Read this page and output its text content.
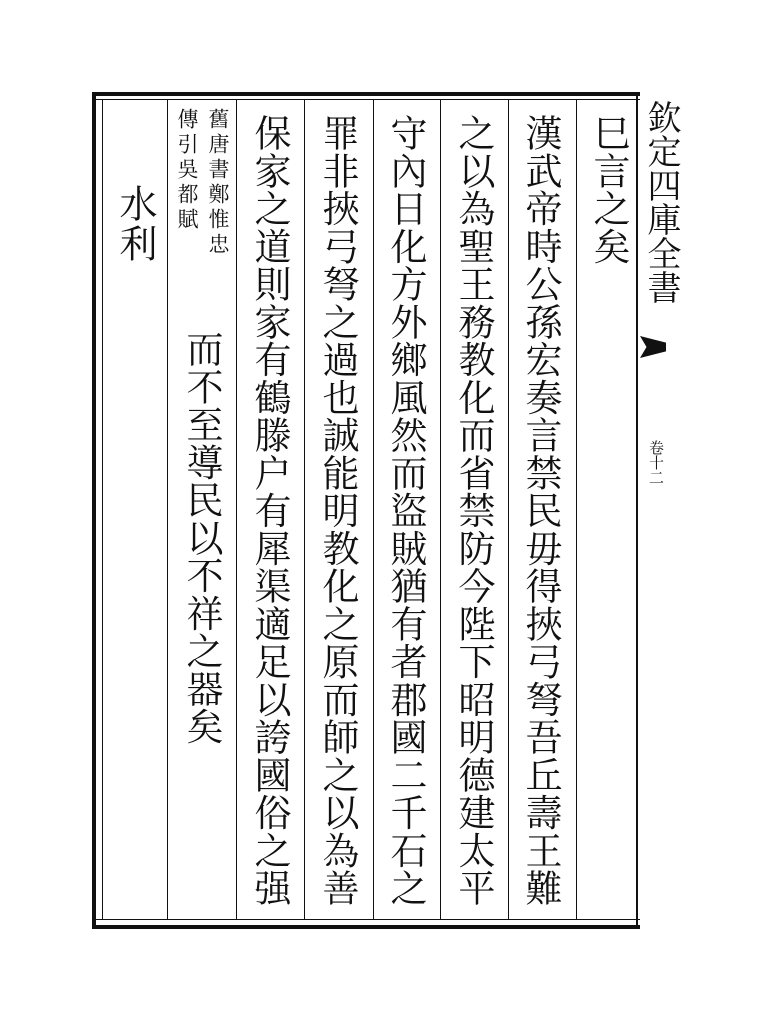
欽定四庫全書
卷十二
巳言之矣
漢武帝時公孫宏奏言禁民毋得挾弓弩吾丘壽王難
之以為聖王務教化而省禁防今陛下昭明德建太平
守內日化方外鄉風然而盜賊猶有者郡國二千石之
罪非挾弓弩之過也誠能明教化之原而師之以為善
保家之道則家有鶴滕户有犀渠適足以誇國俗之强
舊唐書鄭惟忠
傳引吳都賦
而不至導民以不祥之器矣
水利
